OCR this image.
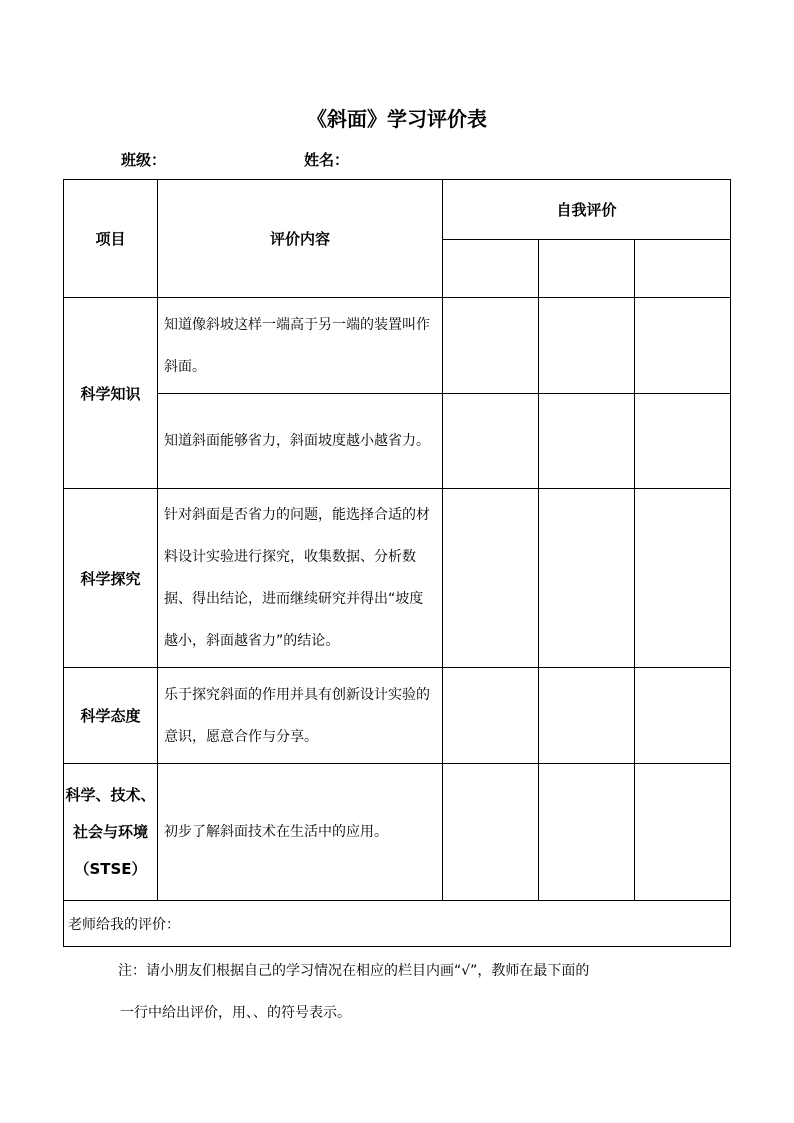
《斜面》学习评价表
班级：	姓名：
项目	评价内容	自我评价		

科学知识	知道像斜坡这样一端高于另一端的装置叫作斜面。			
	知道斜面能够省力，斜面坡度越小越省力。			
科学探究	针对斜面是否省力的问题，能选择合适的材料设计实验进行探究，收集数据、分析数据、得出结论，进而继续研究并得出“坡度越小，斜面越省力”的结论。			
科学态度	乐于探究斜面的作用并具有创新设计实验的意识，愿意合作与分享。			

科学、技术、
社会与环境
（STSE）	初步了解斜面技术在生活中的应用。			
老师给我的评价：				

注：请小朋友们根据自己的学习情况在相应的栏目内画“√”，教师在最下面的
一行中给出评价，用、、的符号表示。
